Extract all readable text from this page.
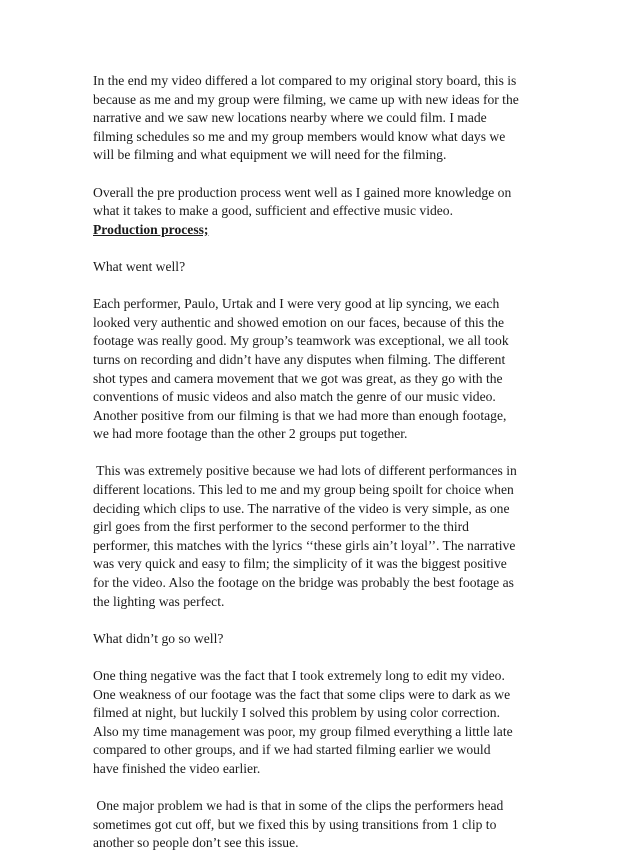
In the end my video differed a lot compared to my original story board, this is
because as me and my group were filming, we came up with new ideas for the
narrative and we saw new locations nearby where we could film. I made
filming schedules so me and my group members would know what days we
will be filming and what equipment we will need for the filming.

Overall the pre production process went well as I gained more knowledge on
what it takes to make a good, sufficient and effective music video.
Production process;

What went well?

Each performer, Paulo, Urtak and I were very good at lip syncing, we each
looked very authentic and showed emotion on our faces, because of this the
footage was really good. My group’s teamwork was exceptional, we all took
turns on recording and didn’t have any disputes when filming. The different
shot types and camera movement that we got was great, as they go with the
conventions of music videos and also match the genre of our music video.
Another positive from our filming is that we had more than enough footage,
we had more footage than the other 2 groups put together.

This was extremely positive because we had lots of different performances in
different locations. This led to me and my group being spoilt for choice when
deciding which clips to use. The narrative of the video is very simple, as one
girl goes from the first performer to the second performer to the third
performer, this matches with the lyrics ‘‘these girls ain’t loyal’’. The narrative
was very quick and easy to film; the simplicity of it was the biggest positive
for the video. Also the footage on the bridge was probably the best footage as
the lighting was perfect.

What didn’t go so well?

One thing negative was the fact that I took extremely long to edit my video.
One weakness of our footage was the fact that some clips were to dark as we
filmed at night, but luckily I solved this problem by using color correction.
Also my time management was poor, my group filmed everything a little late
compared to other groups, and if we had started filming earlier we would
have finished the video earlier.

One major problem we had is that in some of the clips the performers head
sometimes got cut off, but we fixed this by using transitions from 1 clip to
another so people don’t see this issue.
